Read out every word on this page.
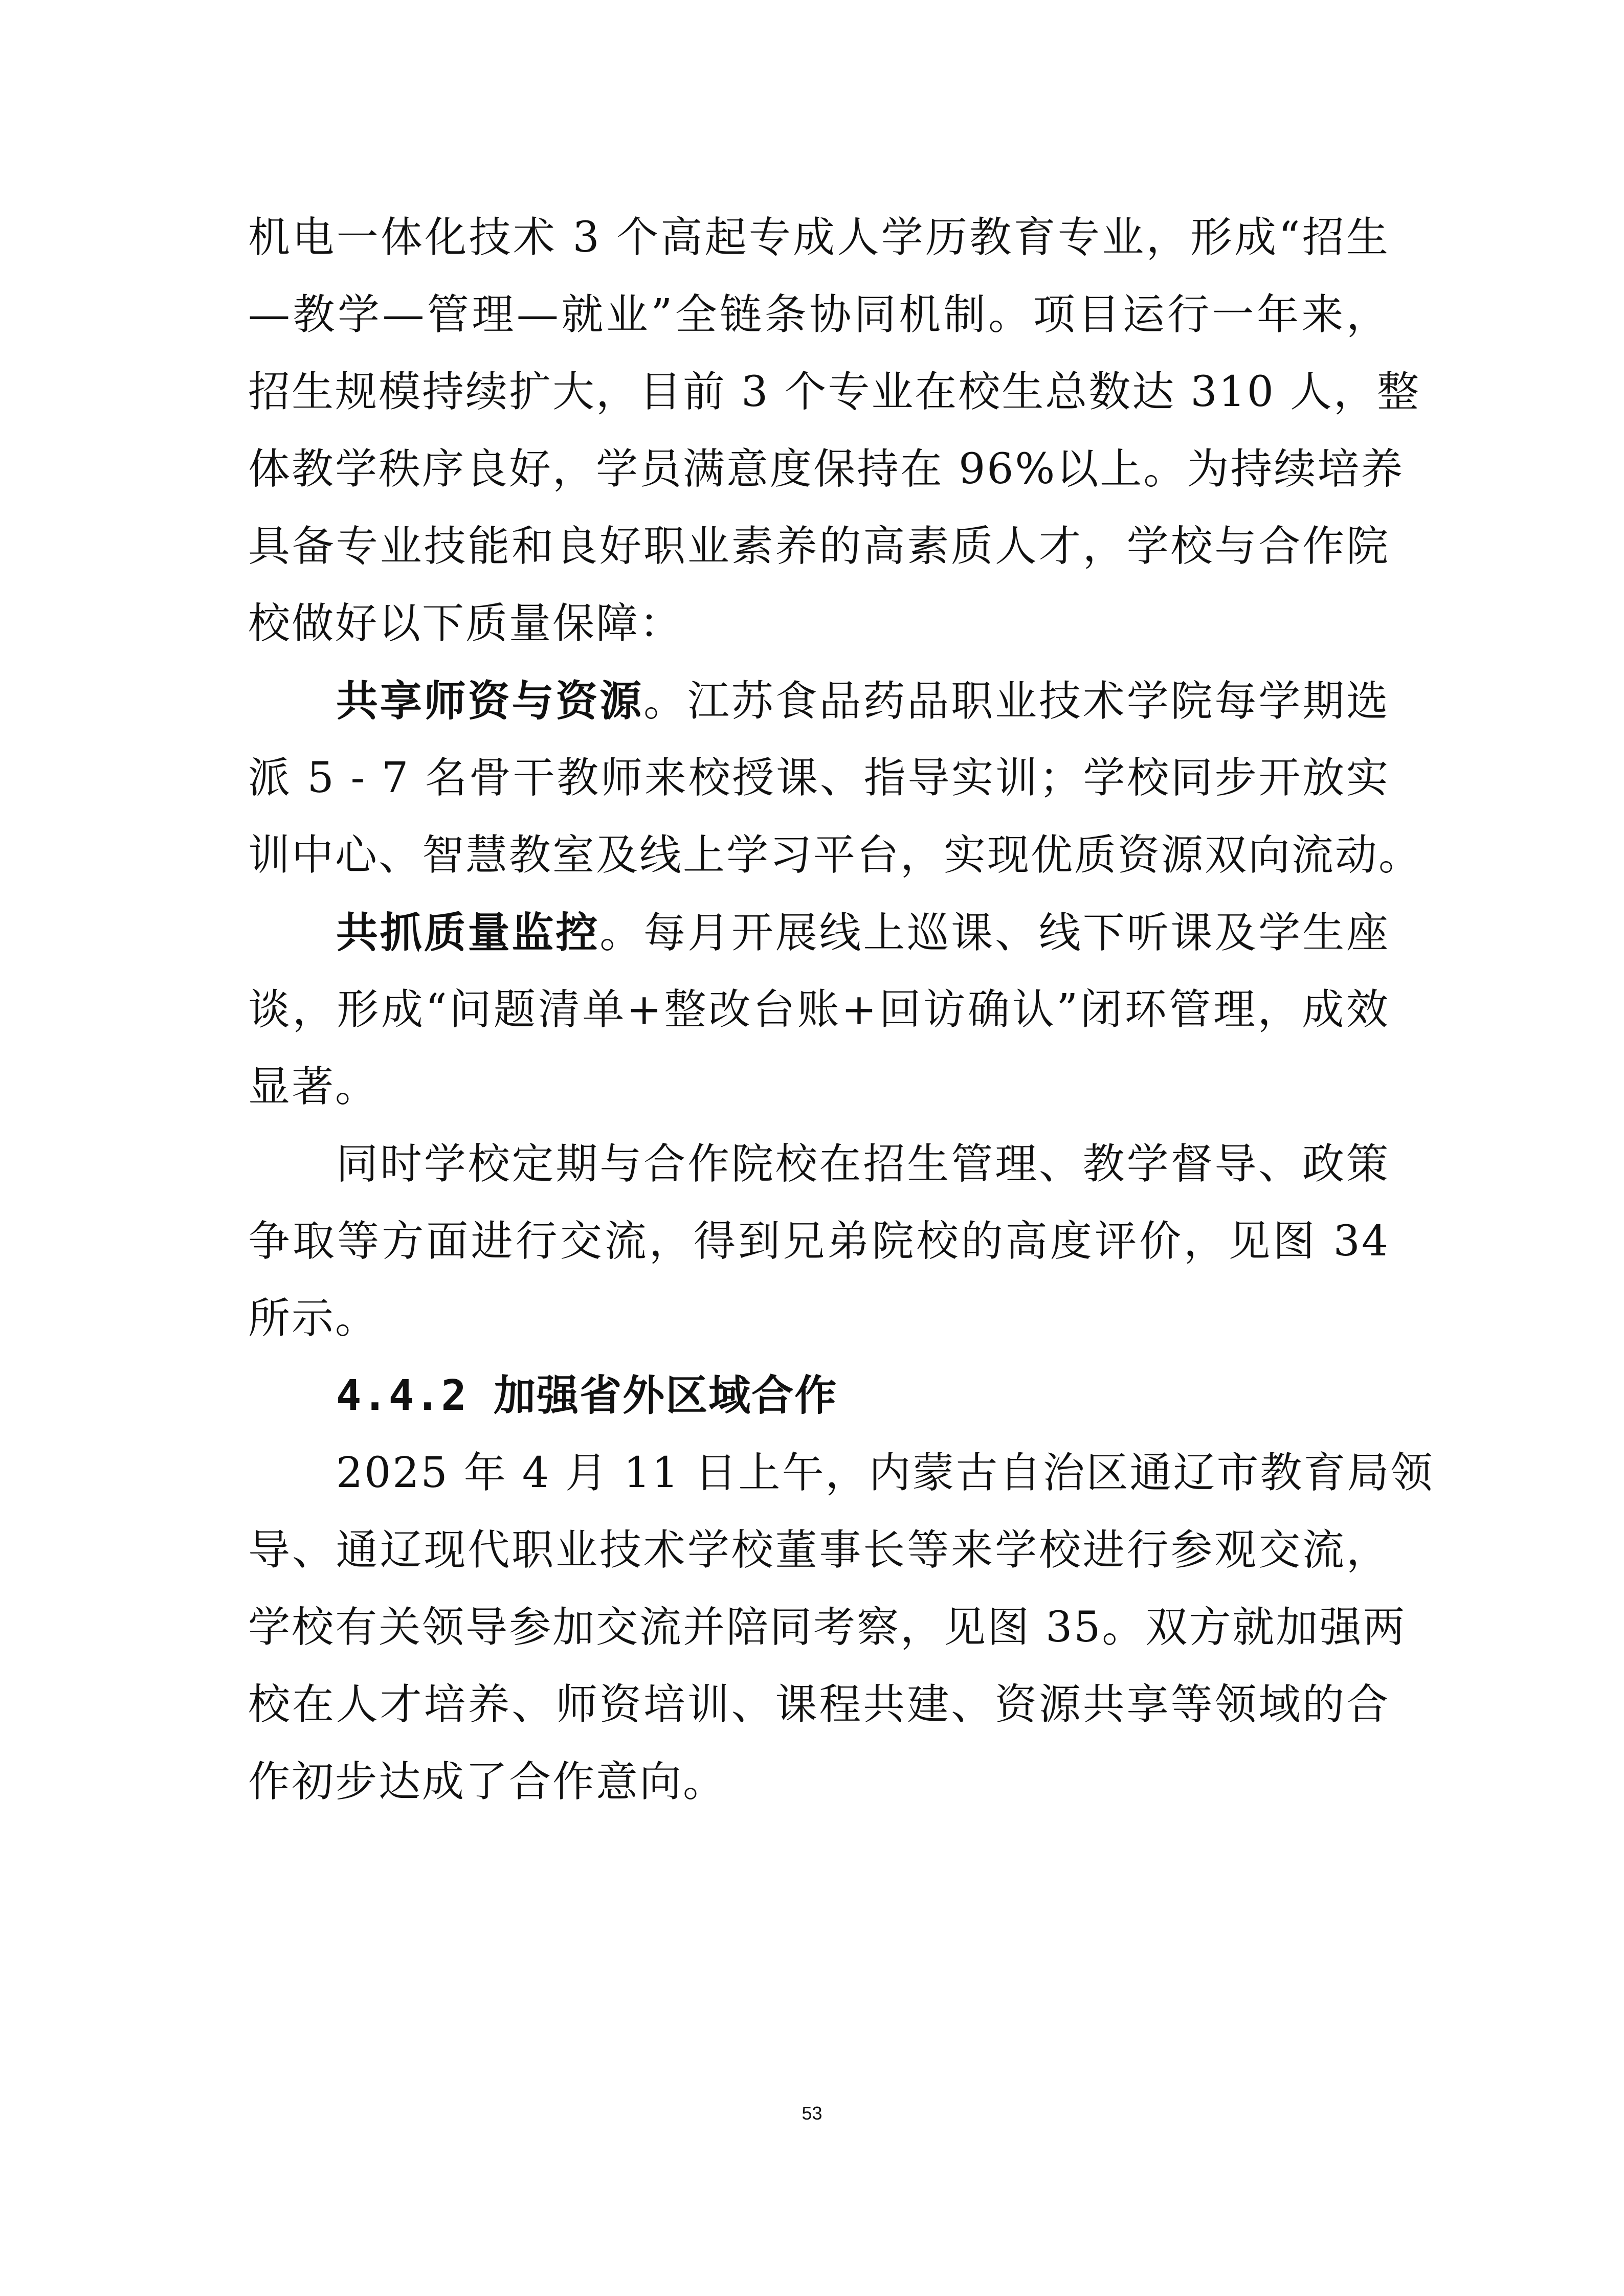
机电一体化技术 3 个高起专成人学历教育专业，形成“招生
—教学—管理—就业”全链条协同机制。项目运行一年来，
招生规模持续扩大，目前 3 个专业在校生总数达 310 人，整
体教学秩序良好，学员满意度保持在 96%以上。为持续培养
具备专业技能和良好职业素养的高素质人才，学校与合作院
校做好以下质量保障：
共享师资与资源。江苏食品药品职业技术学院每学期选
派 5 - 7 名骨干教师来校授课、指导实训；学校同步开放实
训中心、智慧教室及线上学习平台，实现优质资源双向流动。
共抓质量监控。每月开展线上巡课、线下听课及学生座
谈，形成“问题清单+整改台账+回访确认”闭环管理，成效
显著。
同时学校定期与合作院校在招生管理、教学督导、政策
争取等方面进行交流，得到兄弟院校的高度评价，见图 34
所示。
4.4.2 加强省外区域合作
2025 年 4 月 11 日上午，内蒙古自治区通辽市教育局领
导、通辽现代职业技术学校董事长等来学校进行参观交流，
学校有关领导参加交流并陪同考察，见图 35。双方就加强两
校在人才培养、师资培训、课程共建、资源共享等领域的合
作初步达成了合作意向。
53
